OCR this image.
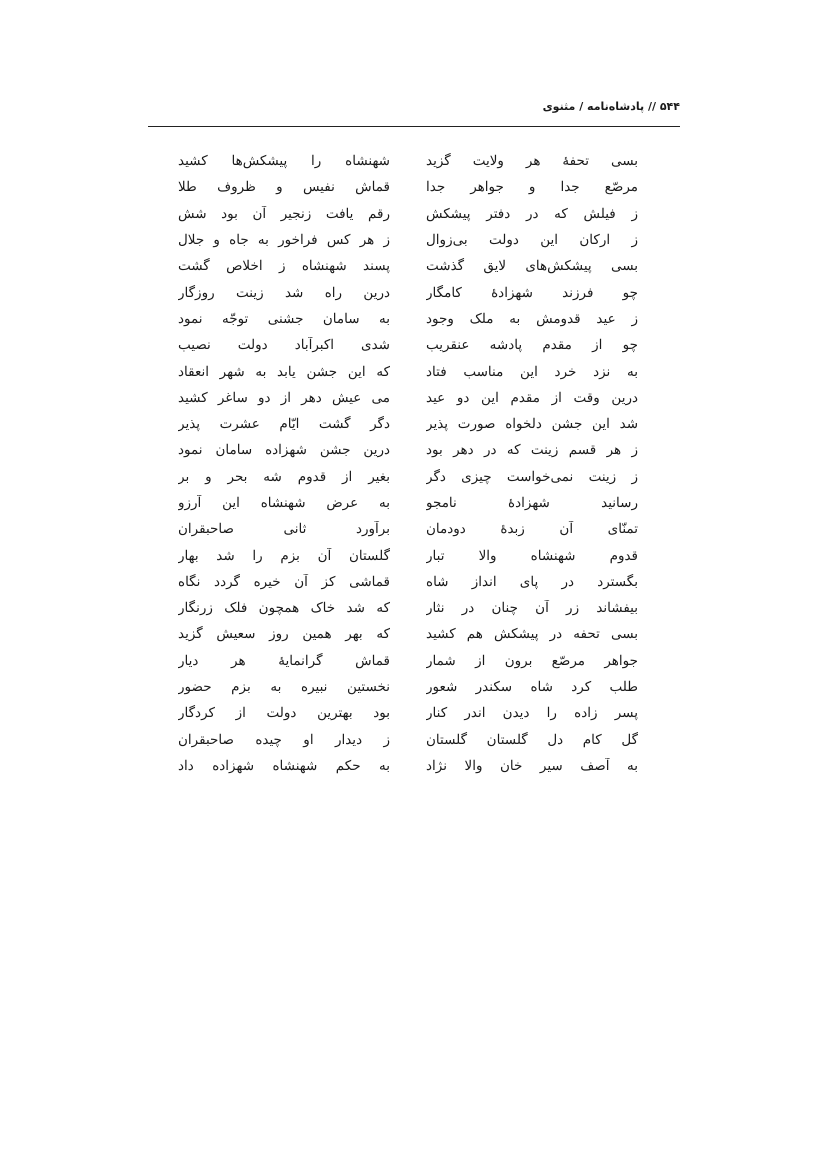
۵۴۴ // پادشاه‌نامه / مثنوی
بسی تحفهٔ هر ولایت گزید
شهنشاه را پیشکش‌ها کشید
مرصّع جدا و جواهر جدا
قماش نفیس و ظروف طلا
ز فیلش که در دفتر پیشکش
رقم یافت زنجیر آن بود شش
ز ارکان این دولت بی‌زوال
ز هر کس فراخور به جاه و جلال
بسی پیشکش‌های لایق گذشت
پسند شهنشاه ز اخلاص گشت
چو فرزند شهزادهٔ کامگار
درین راه شد زینت روزگار
ز عید قدومش به ملک وجود
به سامان جشنی توجّه نمود
چو از مقدم پادشه عنقریب
شدی اکبرآباد دولت نصیب
به نزد خرد این مناسب فتاد
که این جشن یابد به شهر انعقاد
درین وقت از مقدم این دو عید
می عیش دهر از دو ساغر کشید
شد این جشن دلخواه صورت پذیر
دگر گشت ایّام عشرت پذیر
ز هر قسم زینت که در دهر بود
درین جشن شهزاده سامان نمود
ز زینت نمی‌خواست چیزی دگر
بغیر از قدوم شه بحر و بر
رسانید شهزادهٔ نامجو
به عرض شهنشاه این آرزو
تمنّای آن زبدهٔ دودمان
برآورد ثانی صاحبقران
قدوم شهنشاه والا تبار
گلستان آن بزم را شد بهار
بگسترد در پای انداز شاه
قماشی کز آن خیره گردد نگاه
بیفشاند زر آن چنان در نثار
که شد خاک همچون فلک زرنگار
بسی تحفه در پیشکش هم کشید
که بهر همین روز سعیش گزید
جواهر مرصّع برون از شمار
قماش گرانمایهٔ هر دیار
طلب کرد شاه سکندر شعور
نخستین نبیره به بزم حضور
پسر زاده را دیدن اندر کنار
بود بهترین دولت از کردگار
گل کام دل گلستان گلستان
ز دیدار او چیده صاحبقران
به آصف سیر خان والا نژاد
به حکم شهنشاه شهزاده داد
